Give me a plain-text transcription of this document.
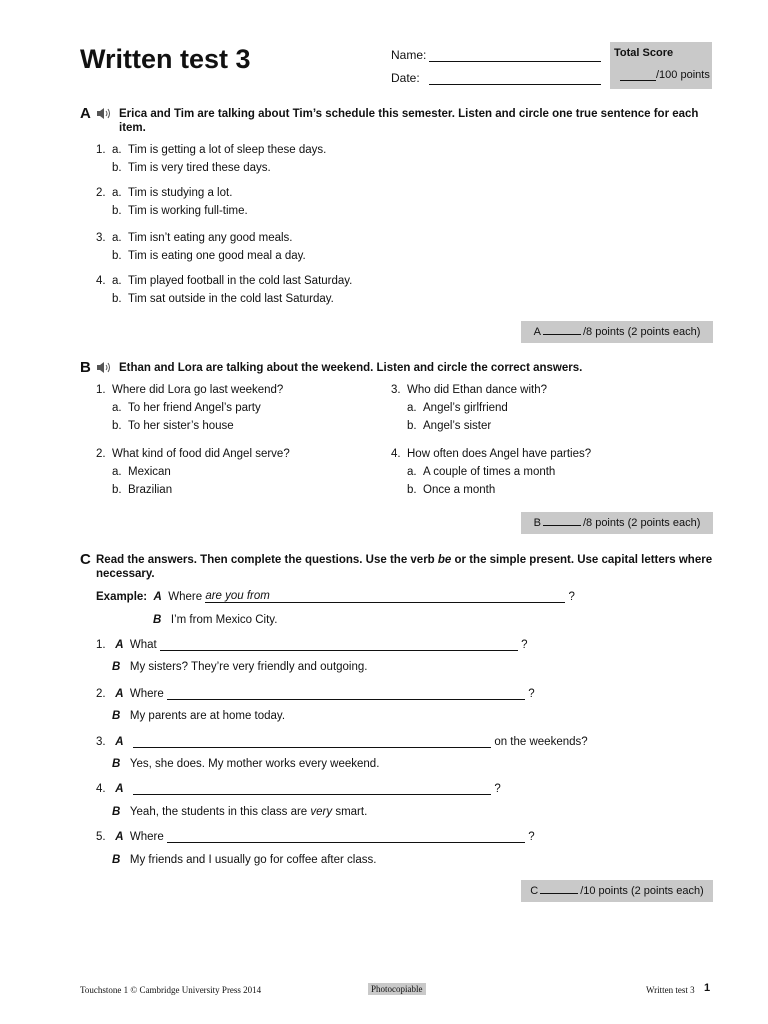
Written test 3	Name:
Date:
Total Score
/100 points
A Erica and Tim are talking about Tim’s schedule this semester. Listen and circle one true sentence for each
item.
1. a. Tim is getting a lot of sleep these days.
b. Tim is very tired these days.
2. a. Tim is studying a lot.
b. Tim is working full-time.
3. a. Tim isn’t eating any good meals.
b. Tim is eating one good meal a day.
4. a. Tim played football in the cold last Saturday.
b. Tim sat outside in the cold last Saturday.
A	/8 points (2 points each)
B Ethan and Lora are talking about the weekend. Listen and circle the correct answers.
1. Where did Lora go last weekend?
a. To her friend Angel’s party
b. To her sister’s house
2. What kind of food did Angel serve?
a. Mexican
b. Brazilian
3. Who did Ethan dance with?
a. Angel’s girlfriend
b. Angel’s sister
4. How often does Angel have parties?
a. A couple of times a month
b. Once a month
B	/8 points (2 points each)
C Read the answers. Then complete the questions. Use the verb be or the simple present. Use capital letters where
necessary.
Example: A Where are you from	?
B I’m from Mexico City.
1. A What	?
B My sisters? They’re very friendly and outgoing.
2. A Where	?
B My parents are at home today.
3. A	on the weekends?
B Yes, she does. My mother works every weekend.
4. A	?
B Yeah, the students in this class are very smart.
5. A Where	?
B My friends and I usually go for coffee after class.
C	/10 points (2 points each)
Touchstone 1 © Cambridge University Press 2014	Photocopiable	Written test 3 1
